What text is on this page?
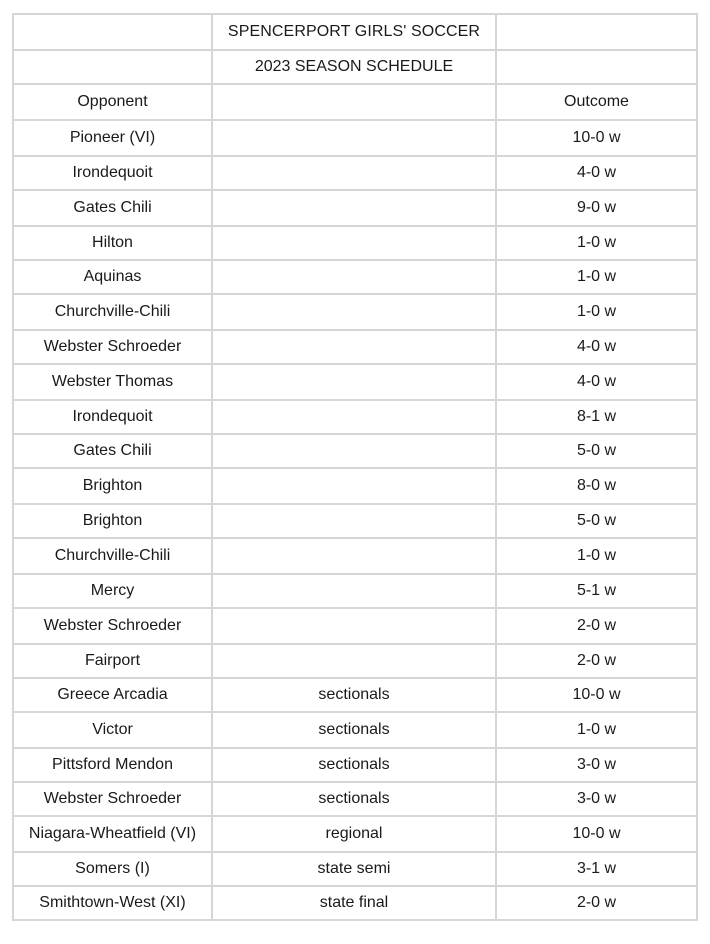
	SPENCERPORT GIRLS' SOCCER	
	2023 SEASON SCHEDULE	
Opponent		Outcome
Pioneer (VI)		10-0 w
Irondequoit		4-0 w
Gates Chili		9-0 w
Hilton		1-0 w
Aquinas		1-0 w
Churchville-Chili		1-0 w
Webster Schroeder		4-0 w
Webster Thomas		4-0 w
Irondequoit		8-1 w
Gates Chili		5-0 w
Brighton		8-0 w
Brighton		5-0 w
Churchville-Chili		1-0 w
Mercy		5-1 w
Webster Schroeder		2-0 w
Fairport		2-0 w
Greece Arcadia	sectionals	10-0 w
Victor	sectionals	1-0 w
Pittsford Mendon	sectionals	3-0 w
Webster Schroeder	sectionals	3-0 w
Niagara-Wheatfield (VI)	regional	10-0 w
Somers (I)	state semi	3-1 w
Smithtown-West (XI)	state final	2-0 w
